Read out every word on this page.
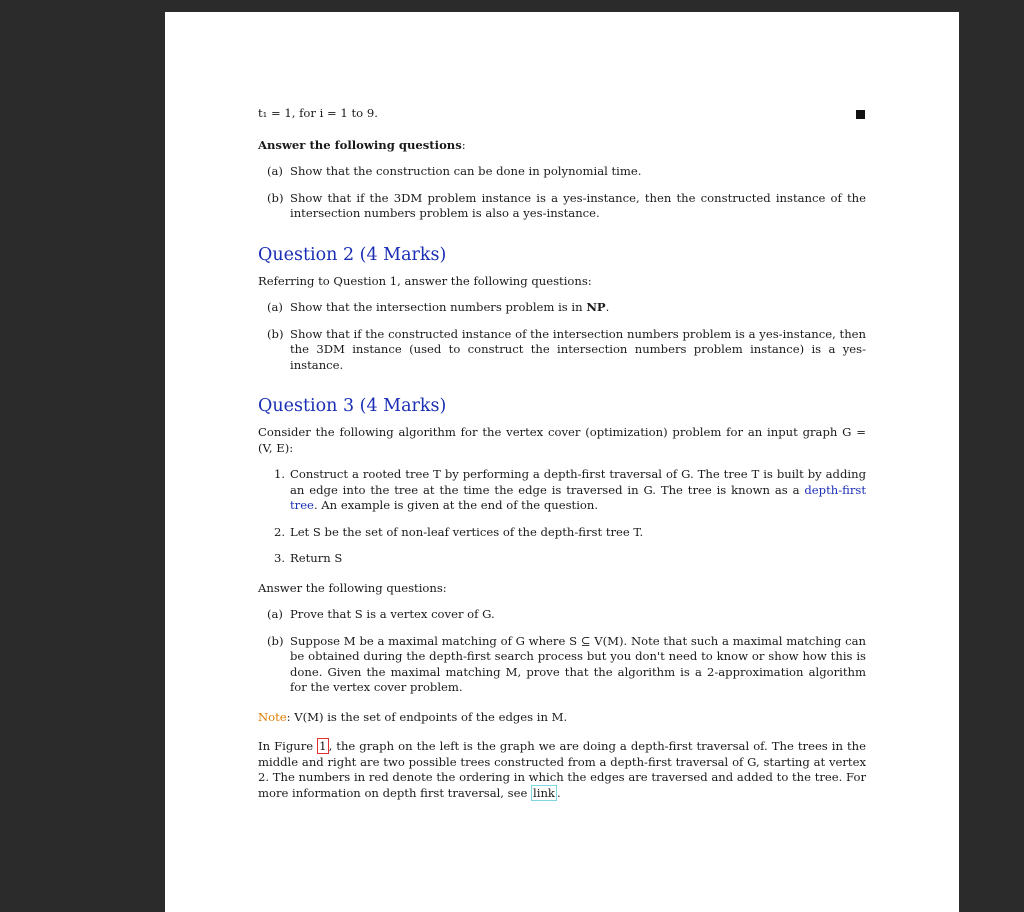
t₁ = 1, for i = 1 to 9.

Answer the following questions:

(a) Show that the construction can be done in polynomial time.
(b) Show that if the 3DM problem instance is a yes-instance, then the constructed instance of the intersection numbers problem is also a yes-instance.
Question 2 (4 Marks)

Referring to Question 1, answer the following questions:

(a) Show that the intersection numbers problem is in NP.
(b) Show that if the constructed instance of the intersection numbers problem is a yes-instance, then the 3DM instance (used to construct the intersection numbers problem instance) is a yes-instance.
Question 3 (4 Marks)

Consider the following algorithm for the vertex cover (optimization) problem for an input graph G = (V, E):

1. Construct a rooted tree T by performing a depth-first traversal of G. The tree T is built by adding an edge into the tree at the time the edge is traversed in G. The tree is known as a depth-first tree. An example is given at the end of the question.
2. Let S be the set of non-leaf vertices of the depth-first tree T.
3. Return S

Answer the following questions:

(a) Prove that S is a vertex cover of G.
(b) Suppose M be a maximal matching of G where S ⊆ V(M). Note that such a maximal matching can be obtained during the depth-first search process but you don't need to know or show how this is done. Given the maximal matching M, prove that the algorithm is a 2-approximation algorithm for the vertex cover problem.

Note: V(M) is the set of endpoints of the edges in M.

In Figure 1 , the graph on the left is the graph we are doing a depth-first traversal of. The trees in the middle and right are two possible trees constructed from a depth-first traversal of G, starting at vertex 2. The numbers in red denote the ordering in which the edges are traversed and added to the tree. For more information on depth first traversal, see link .
